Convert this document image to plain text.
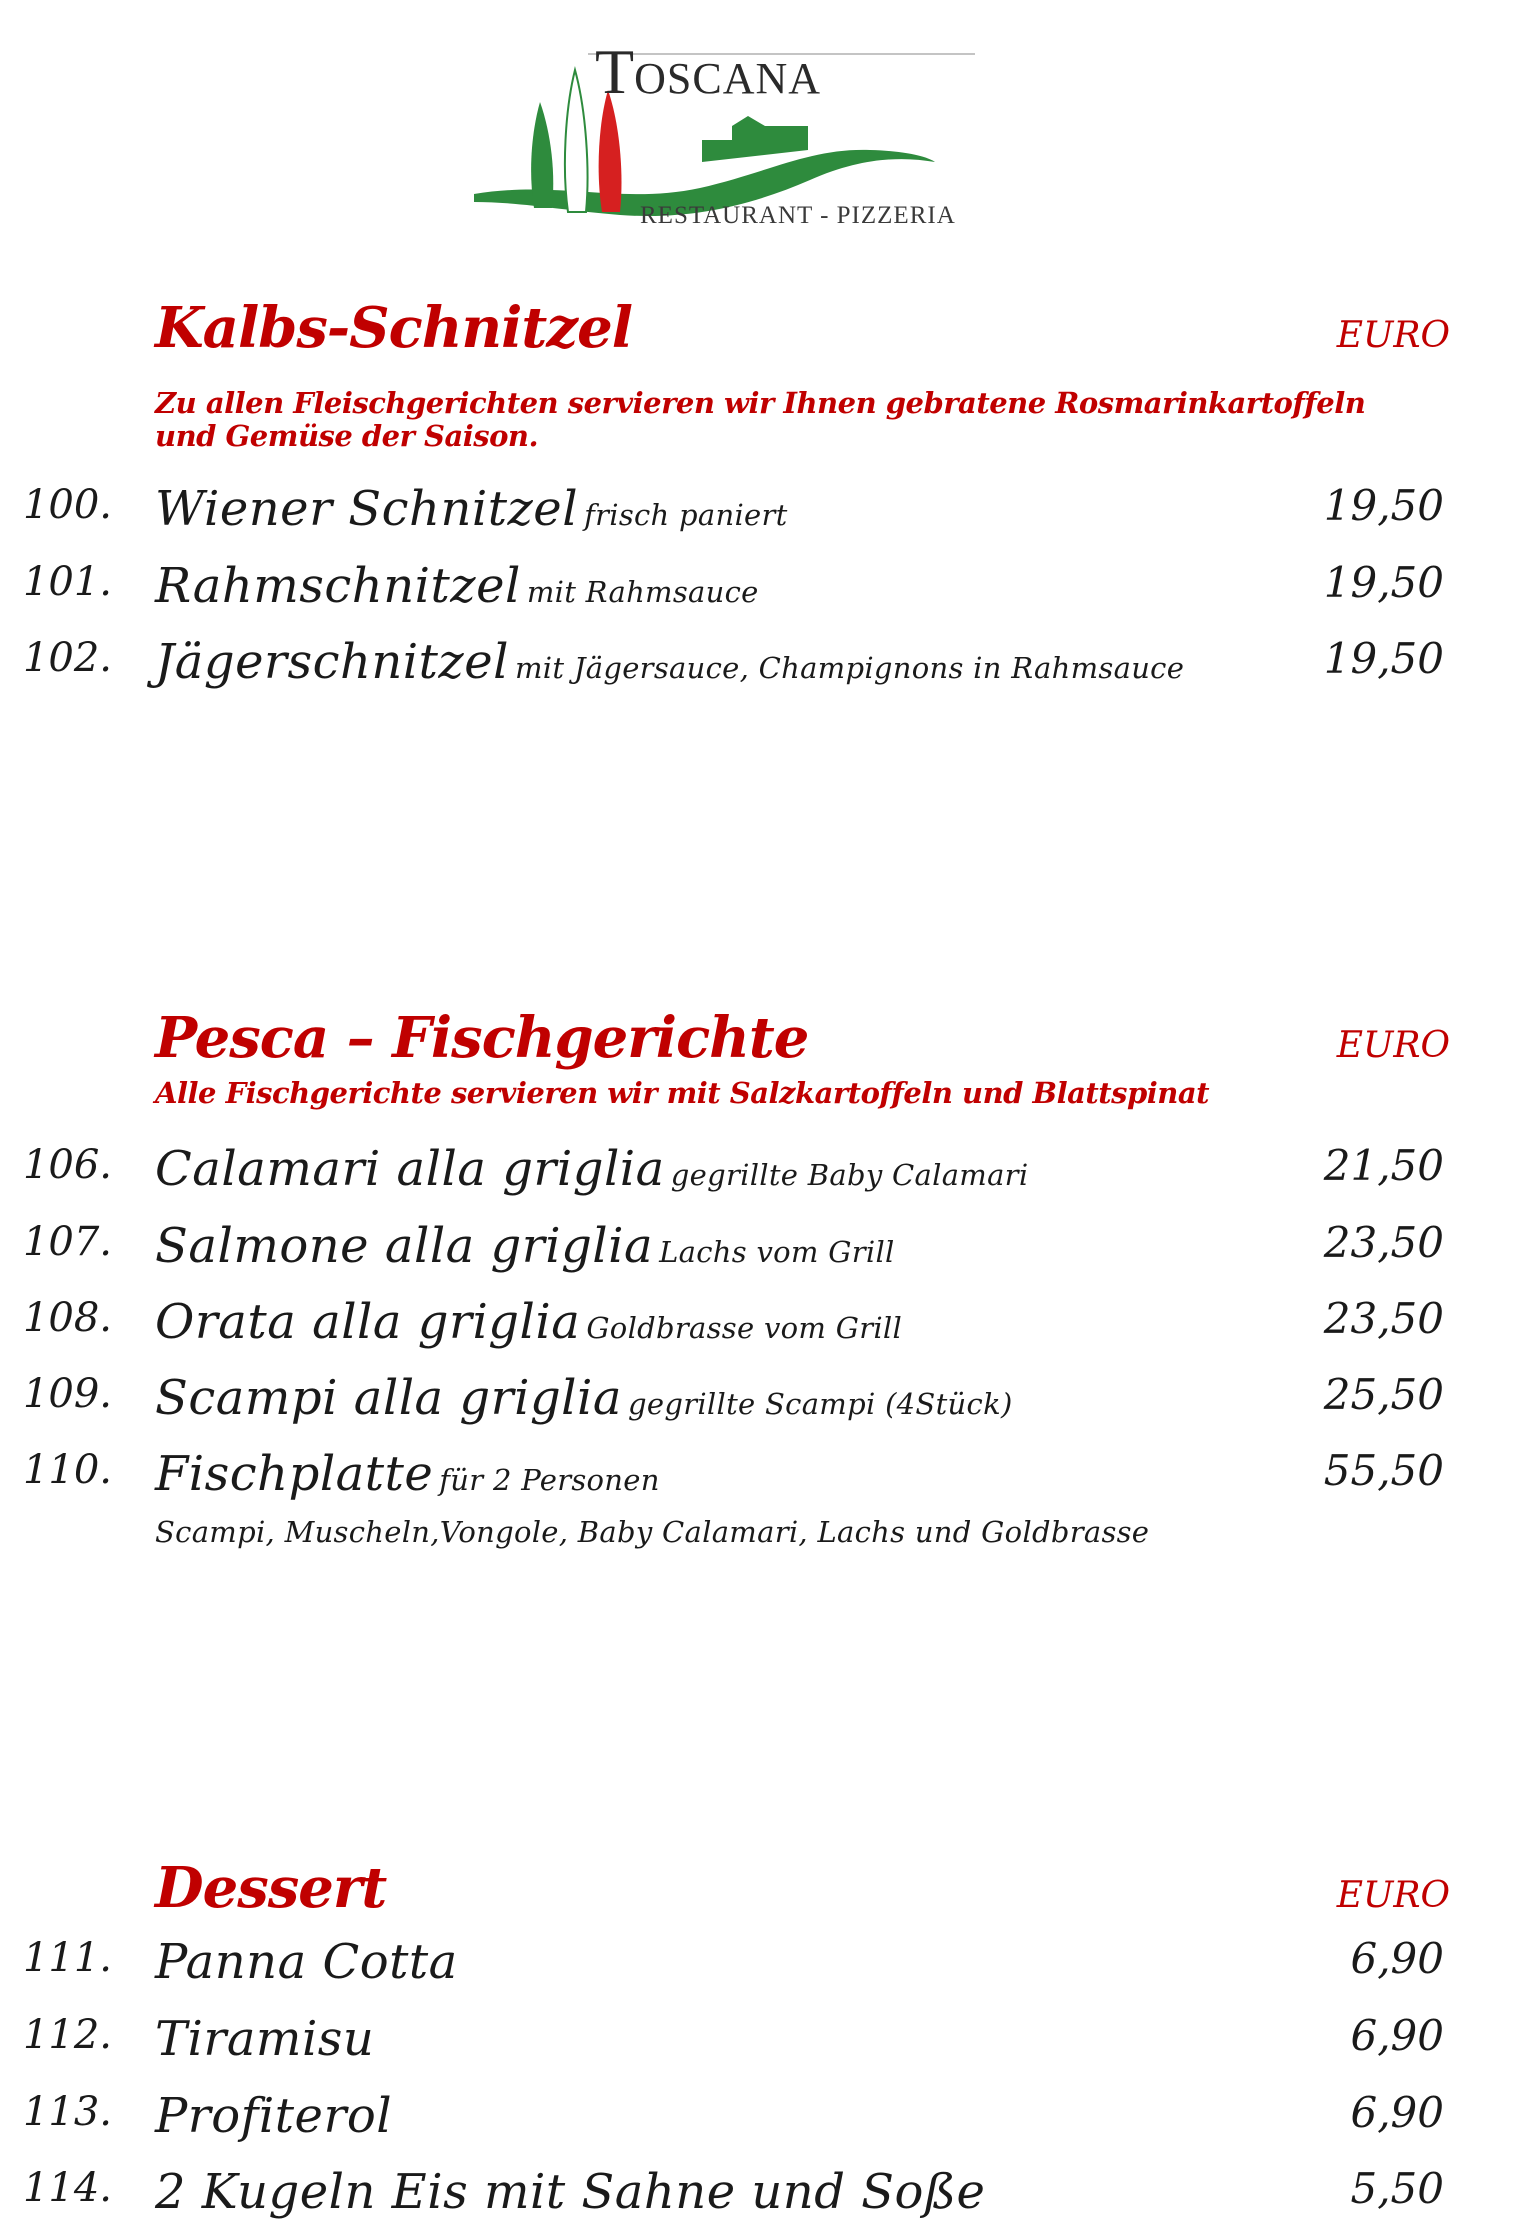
TOSCANA
RESTAURANT - PIZZERIA
Kalbs-Schnitzel	EURO
Zu allen Fleischgerichten servieren wir Ihnen gebratene Rosmarinkartoffeln und Gemüse der Saison.
100. Wiener Schnitzel frisch paniert	19,50
101. Rahmschnitzel mit Rahmsauce	19,50
102. Jägerschnitzel mit Jägersauce, Champignons in Rahmsauce	19,50
Pesca – Fischgerichte	EURO
Alle Fischgerichte servieren wir mit Salzkartoffeln und Blattspinat
106. Calamari alla griglia gegrillte Baby Calamari	21,50
107. Salmone alla griglia Lachs vom Grill	23,50
108. Orata alla griglia Goldbrasse vom Grill	23,50
109. Scampi alla griglia gegrillte Scampi (4Stück)	25,50
110. Fischplatte für 2 Personen	55,50
Scampi, Muscheln,Vongole, Baby Calamari, Lachs und Goldbrasse
Dessert	EURO
111. Panna Cotta	6,90
112. Tiramisu	6,90
113. Profiterol	6,90
114. 2 Kugeln Eis mit Sahne und Soße	5,50
